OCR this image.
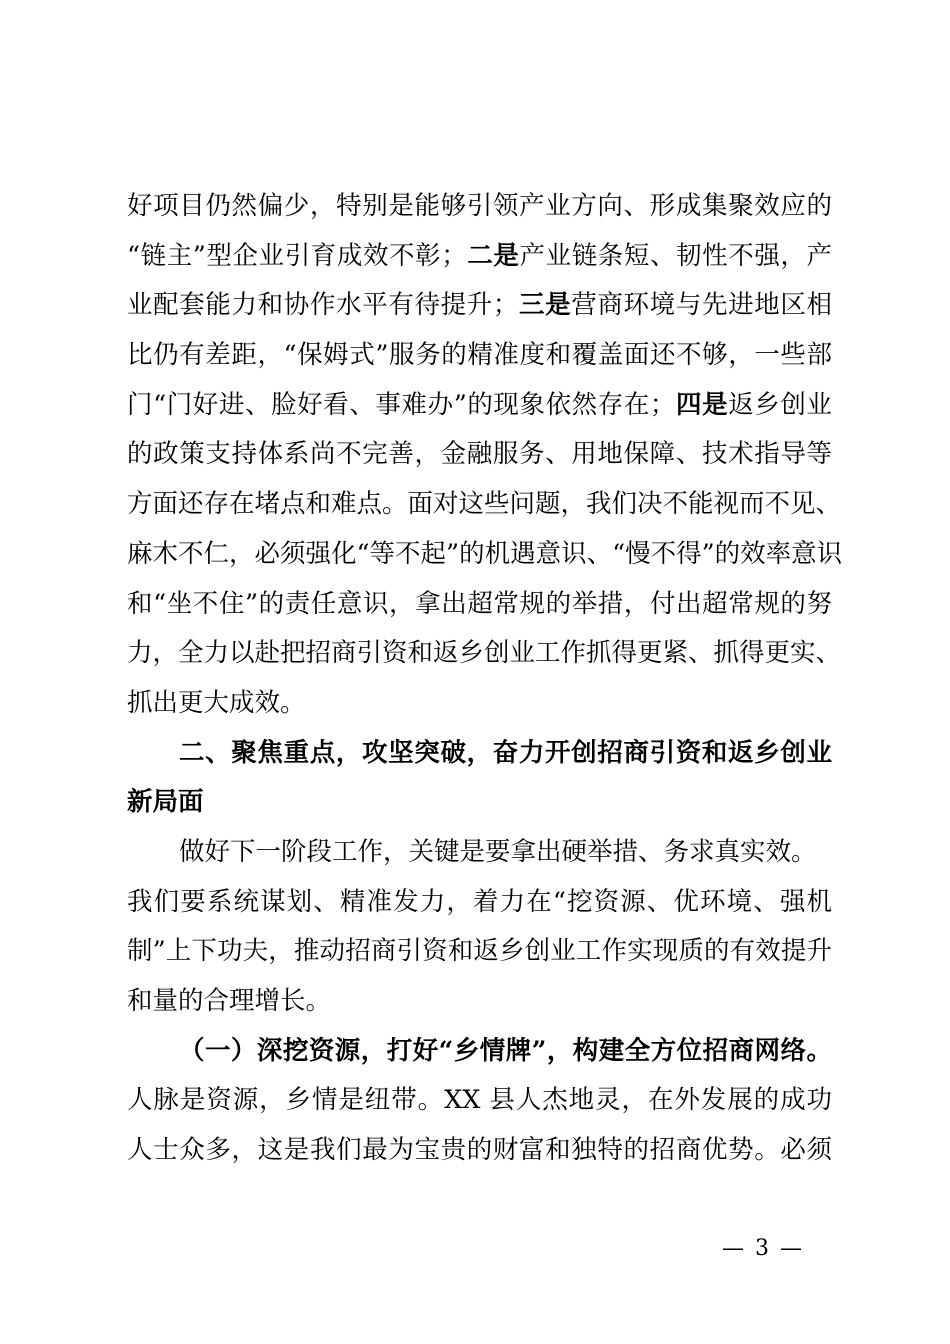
好项目仍然偏少，特别是能够引领产业方向、形成集聚效应的
“链主”型企业引育成效不彰；二是产业链条短、韧性不强，产
业配套能力和协作水平有待提升；三是营商环境与先进地区相
比仍有差距，“保姆式”服务的精准度和覆盖面还不够，一些部
门“门好进、脸好看、事难办”的现象依然存在；四是返乡创业
的政策支持体系尚不完善，金融服务、用地保障、技术指导等
方面还存在堵点和难点。面对这些问题，我们决不能视而不见、
麻木不仁，必须强化“等不起”的机遇意识、“慢不得”的效率意识
和“坐不住”的责任意识，拿出超常规的举措，付出超常规的努
力，全力以赴把招商引资和返乡创业工作抓得更紧、抓得更实、
抓出更大成效。
二、聚焦重点，攻坚突破，奋力开创招商引资和返乡创业
新局面
做好下一阶段工作，关键是要拿出硬举措、务求真实效。
我们要系统谋划、精准发力，着力在“挖资源、优环境、强机
制”上下功夫，推动招商引资和返乡创业工作实现质的有效提升
和量的合理增长。
（一）深挖资源，打好“乡情牌”，构建全方位招商网络。
人脉是资源，乡情是纽带。XX 县人杰地灵，在外发展的成功
人士众多，这是我们最为宝贵的财富和独特的招商优势。必须
— 3 —
